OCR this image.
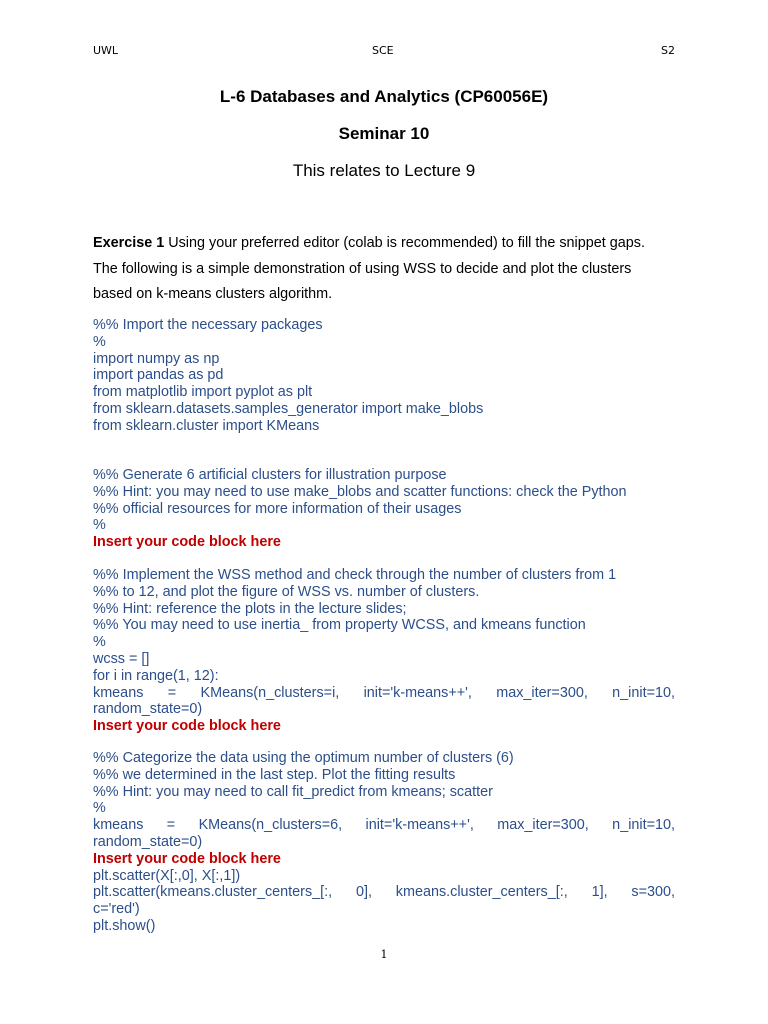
UWL	SCE	S2
L-6 Databases and Analytics (CP60056E)
Seminar 10
This relates to Lecture 9
Exercise 1 Using your preferred editor (colab is recommended) to fill the snippet gaps.
The following is a simple demonstration of using WSS to decide and plot the clusters
based on k-means clusters algorithm.
%% Import the necessary packages
%
import numpy as np
import pandas as pd
from matplotlib import pyplot as plt
from sklearn.datasets.samples_generator import make_blobs
from sklearn.cluster import KMeans
%% Generate 6 artificial clusters for illustration purpose
%% Hint: you may need to use make_blobs and scatter functions: check the Python
%% official resources for more information of their usages
%
Insert your code block here
%% Implement the WSS method and check through the number of clusters from 1
%% to 12, and plot the figure of WSS vs. number of clusters.
%% Hint: reference the plots in the lecture slides;
%% You may need to use inertia_ from property WCSS, and kmeans function
%
wcss = []
for i in range(1, 12):
kmeans = KMeans(n_clusters=i, init='k-means++', max_iter=300, n_init=10,
random_state=0)
Insert your code block here
%% Categorize the data using the optimum number of clusters (6)
%% we determined in the last step. Plot the fitting results
%% Hint: you may need to call fit_predict from kmeans; scatter
%
kmeans = KMeans(n_clusters=6, init='k-means++', max_iter=300, n_init=10,
random_state=0)
Insert your code block here
plt.scatter(X[:,0], X[:,1])
plt.scatter(kmeans.cluster_centers_[:, 0], kmeans.cluster_centers_[:, 1], s=300,
c='red')
plt.show()
1
